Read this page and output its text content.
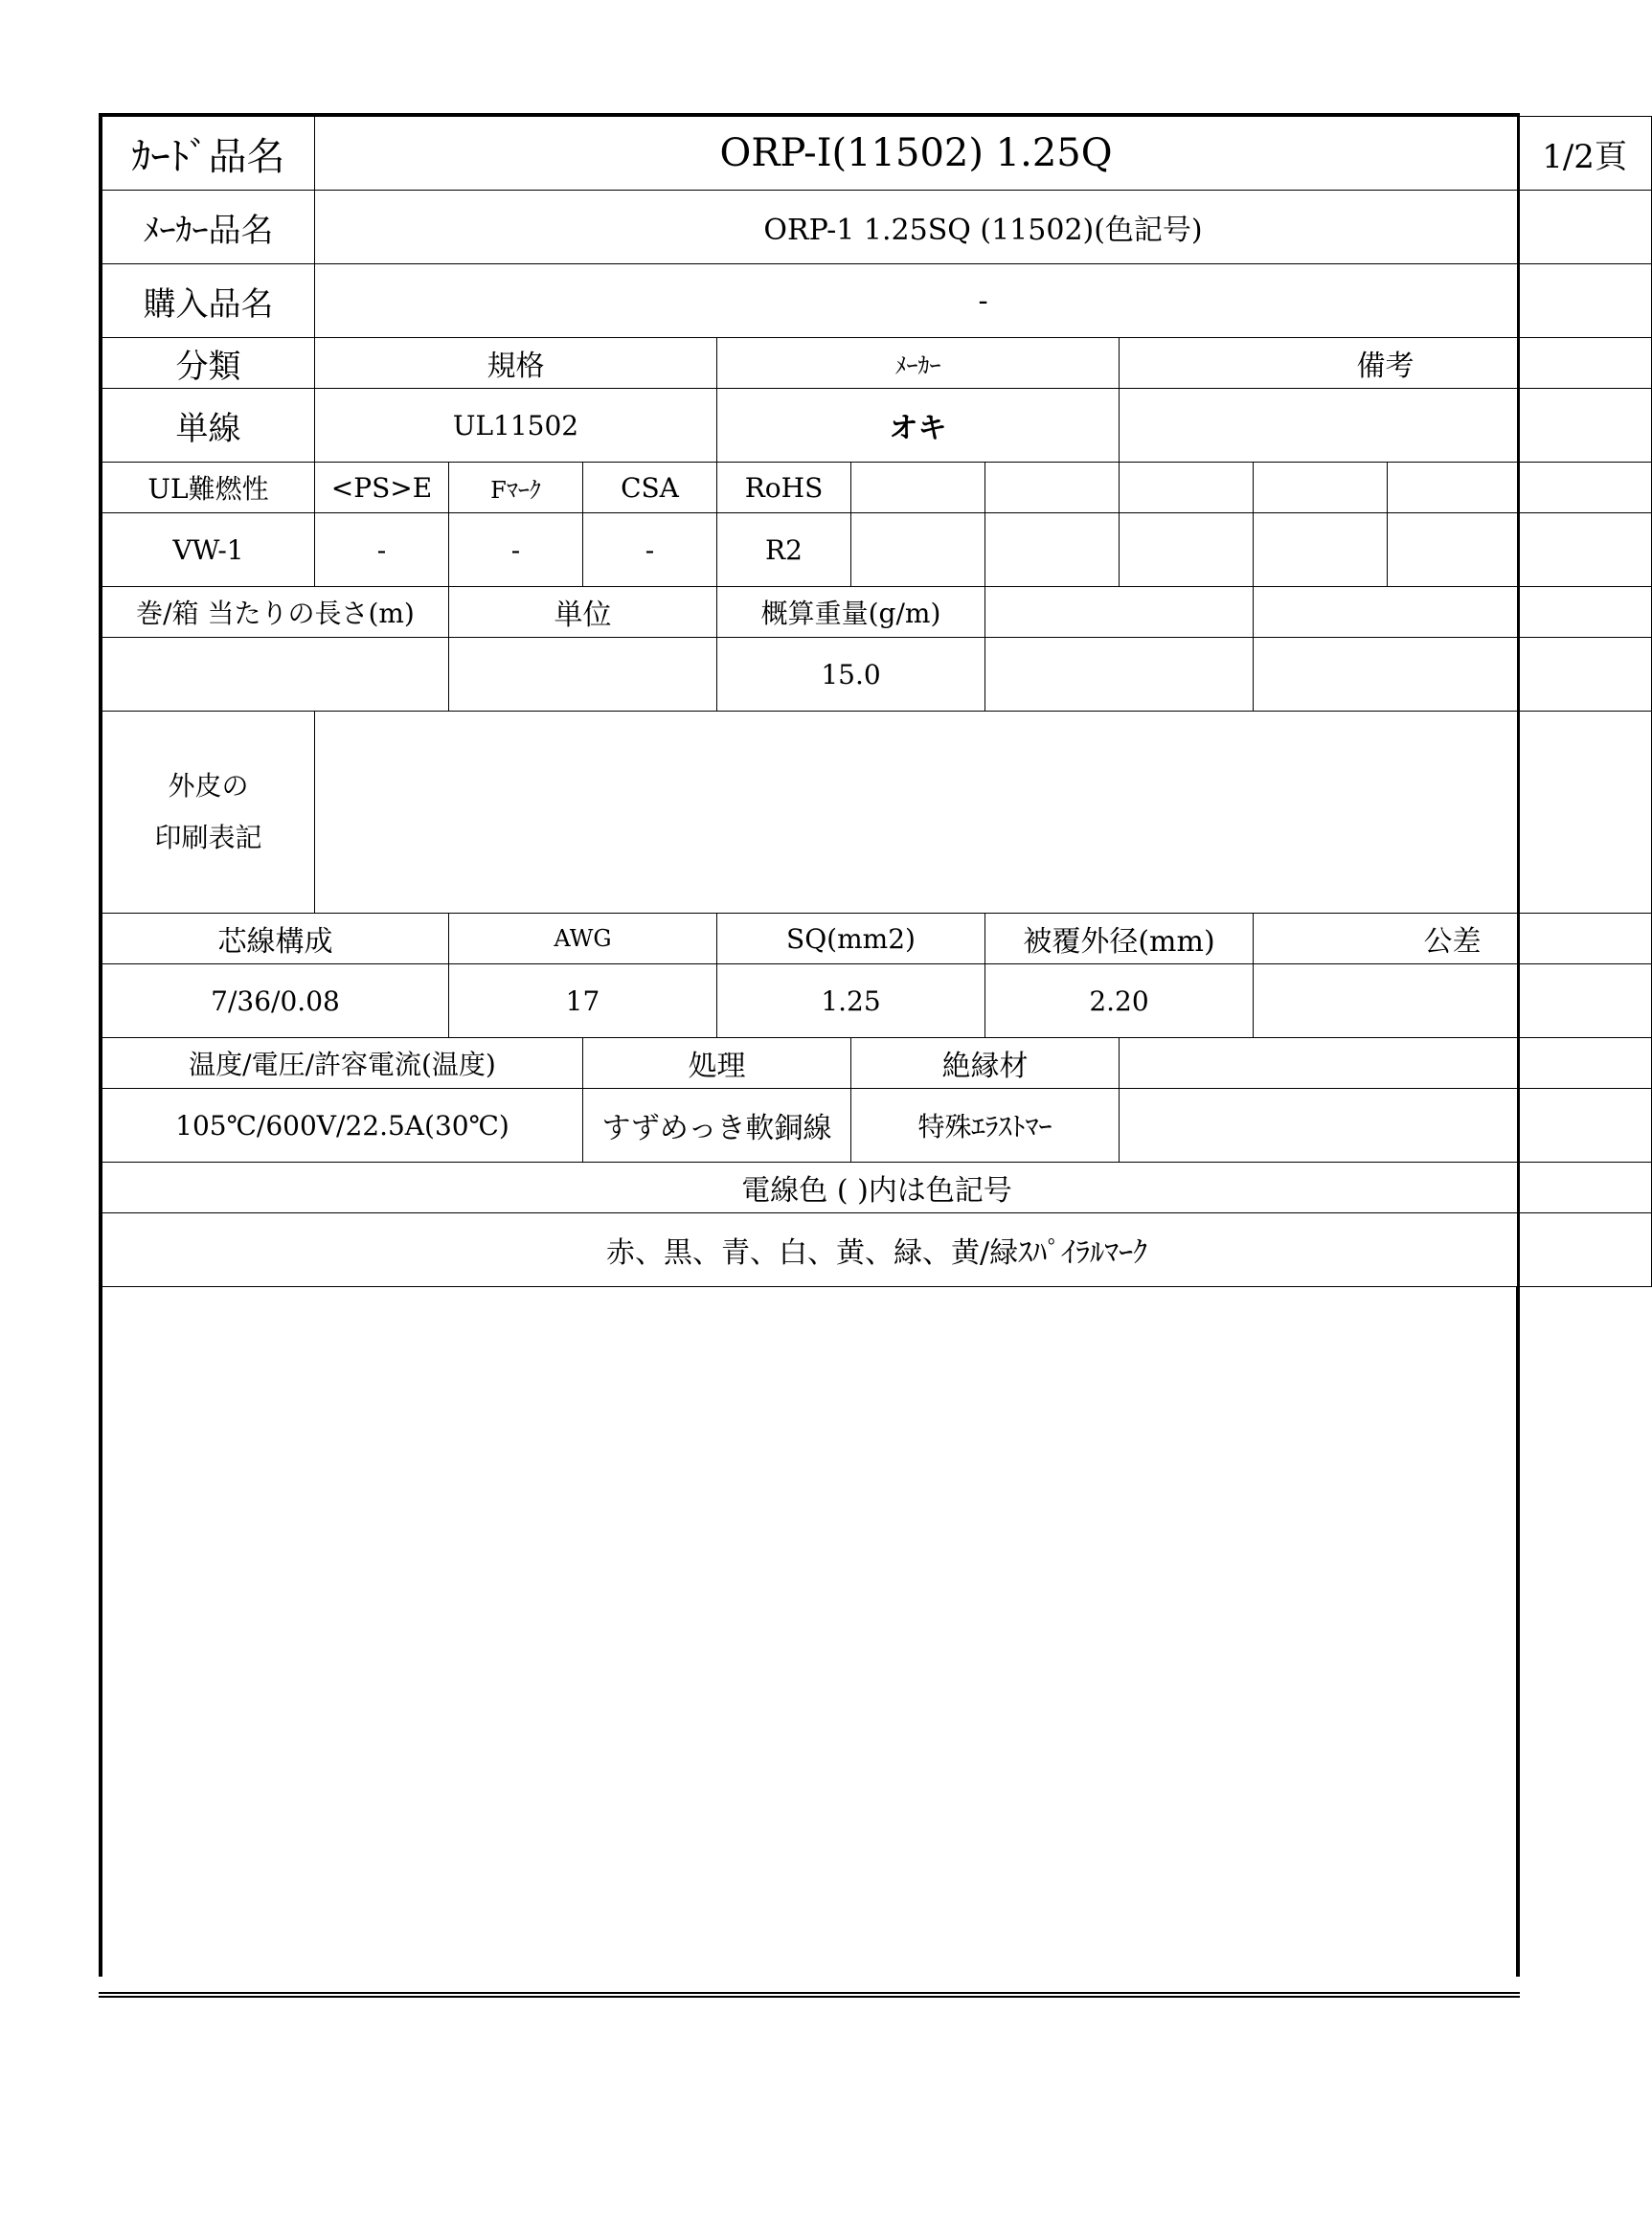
ｶｰﾄﾞ品名	ORP-I(11502) 1.25Q									1/2頁
ﾒｰｶｰ品名	ORP-1 1.25SQ (11502)(色記号)									
購入品名	-									
分類	規格			ﾒｰｶｰ			備考			
単線	UL11502			オキ						
UL難燃性	<PS>E	Fﾏｰｸ	CSA	RoHS						
VW-1	-	-	-	R2						
巻/箱 当たりの長さ(m)		単位		概算重量(g/m)						
				15.0						

外皮の
印刷表記										

芯線構成		AWG		SQ(mm2)		被覆外径(mm)		公差		
7/36/0.08		17		1.25		2.20				
温度/電圧/許容電流(温度)			処理		絶縁材					
105℃/600V/22.5A(30℃)			すずめっき軟銅線		特殊ｴﾗｽﾄﾏｰ					
電線色 ( )内は色記号										
赤、黒、青、白、黄、緑、黄/緑ｽﾊﾟｲﾗﾙﾏｰｸ										
